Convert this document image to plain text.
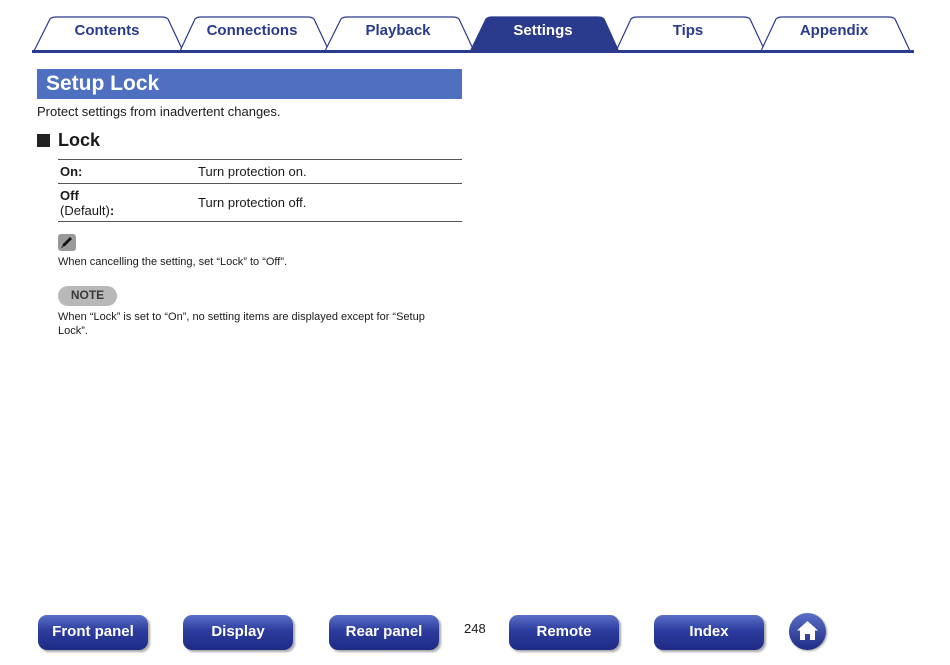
Contents	Connections	Playback	Settings	Tips	Appendix
Setup Lock
Protect settings from inadvertent changes.
Lock
On:	Turn protection on.

Off
(Default):	Turn protection off.
When cancelling the setting, set “Lock” to “Off”.
NOTE
When “Lock” is set to “On”, no setting items are displayed except for “Setup Lock”.
Front panel	Display	Rear panel	248	Remote	Index
